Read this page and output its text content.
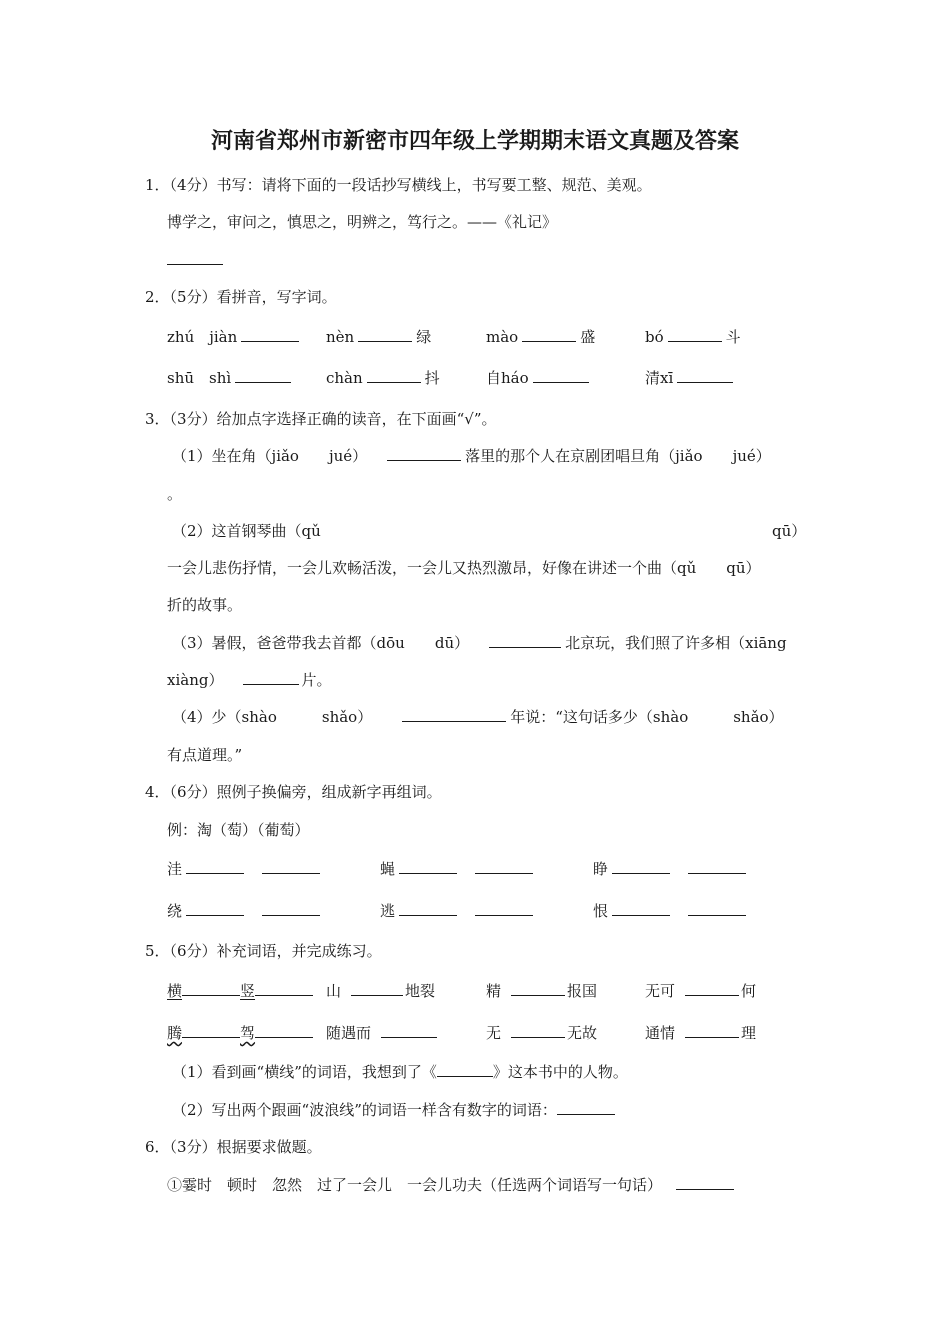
河南省郑州市新密市四年级上学期期末语文真题及答案
1．（4分）书写：请将下面的一段话抄写横线上，书写要工整、规范、美观。
博学之，审问之，慎思之，明辨之，笃行之。——《礼记》
2．（5分）看拼音，写字词。
zhú　jiàn	nèn	绿	mào	盛	bó	斗
shū　shì	chàn	抖	自háo	清xī
3．（3分）给加点字选择正确的读音，在下面画“√”。
（1）坐在角（jiǎo　　jué）	落里的那个人在京剧团唱旦角（jiǎo　　jué）
。
（2）这首钢琴曲（qǔ	qū）
一会儿悲伤抒情，一会儿欢畅活泼，一会儿又热烈激昂，好像在讲述一个曲（qǔ　　qū）
折的故事。
（3）暑假，爸爸带我去首都（dōu　　dū）	北京玩，我们照了许多相（xiāng
xiàng）	片。
（4）少（shào　　　shǎo）	年说：“这句话多少（shào　　　shǎo）
有点道理。”
4．（6分）照例子换偏旁，组成新字再组词。
例：淘（萄）（葡萄）
洼	蝇	睁
绕	逃	恨
5．（6分）补充词语，并完成练习。
横	竖	山	地裂	精	报国	无可	何
腾	驾	随遇而	无	无故	通情	理
（1）看到画“横线”的词语，我想到了《	》这本书中的人物。
（2）写出两个跟画“波浪线”的词语一样含有数字的词语：
6．（3分）根据要求做题。
①霎时　顿时　忽然　过了一会儿　一会儿功夫（任选两个词语写一句话）
